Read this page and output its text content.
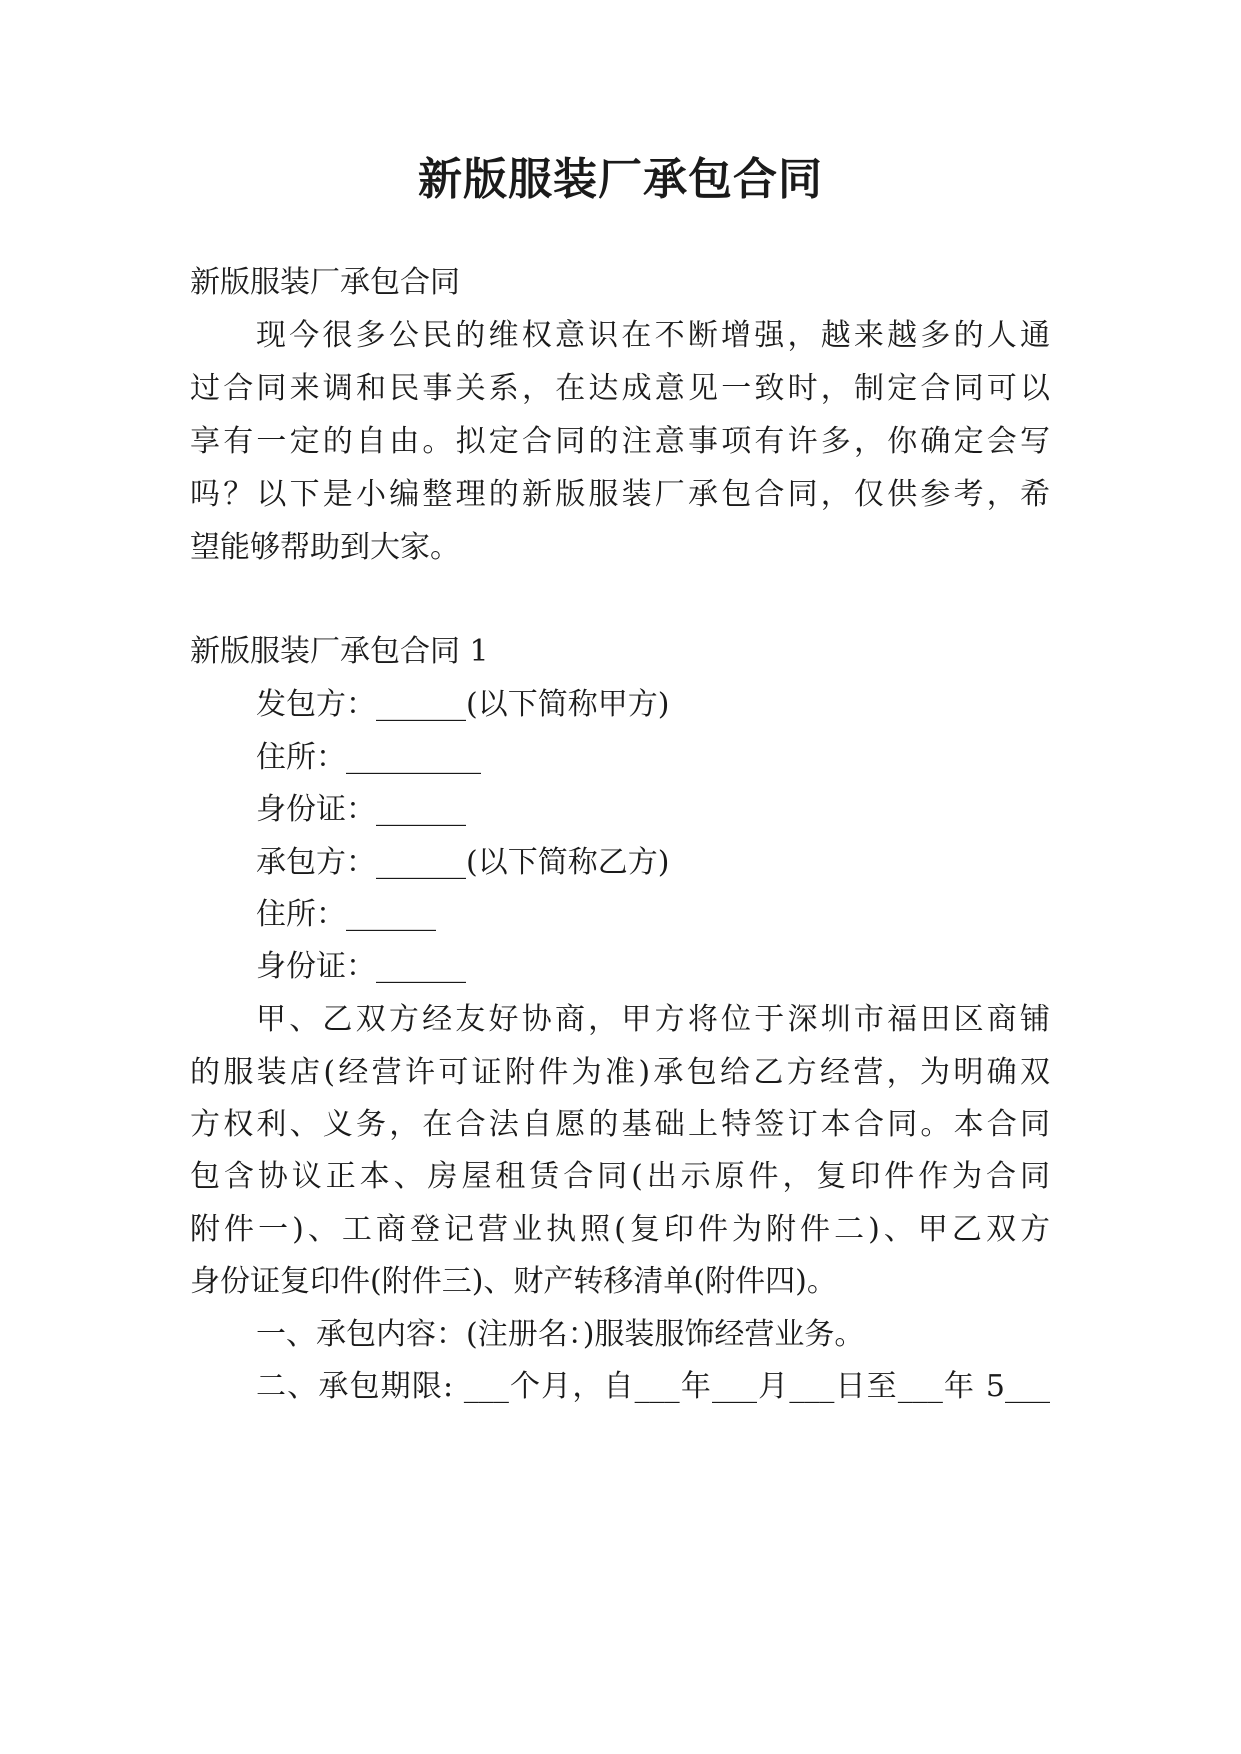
新版服装厂承包合同
新版服装厂承包合同
现今很多公民的维权意识在不断增强，越来越多的人通
过合同来调和民事关系，在达成意见一致时，制定合同可以
享有一定的自由。拟定合同的注意事项有许多，你确定会写
吗？以下是小编整理的新版服装厂承包合同，仅供参考，希
望能够帮助到大家。
新版服装厂承包合同 1
发包方：______(以下简称甲方)
住所：_________
身份证：______
承包方：______(以下简称乙方)
住所：______
身份证：______
甲、乙双方经友好协商，甲方将位于深圳市福田区商铺
的服装店(经营许可证附件为准)承包给乙方经营，为明确双
方权利、义务，在合法自愿的基础上特签订本合同。本合同
包含协议正本、房屋租赁合同(出示原件，复印件作为合同
附件一)、工商登记营业执照(复印件为附件二)、甲乙双方
身份证复印件(附件三)、财产转移清单(附件四)。
一、承包内容：(注册名：)服装服饰经营业务。
二、承包期限: ___个月，自___年___月___日至___年 5___
